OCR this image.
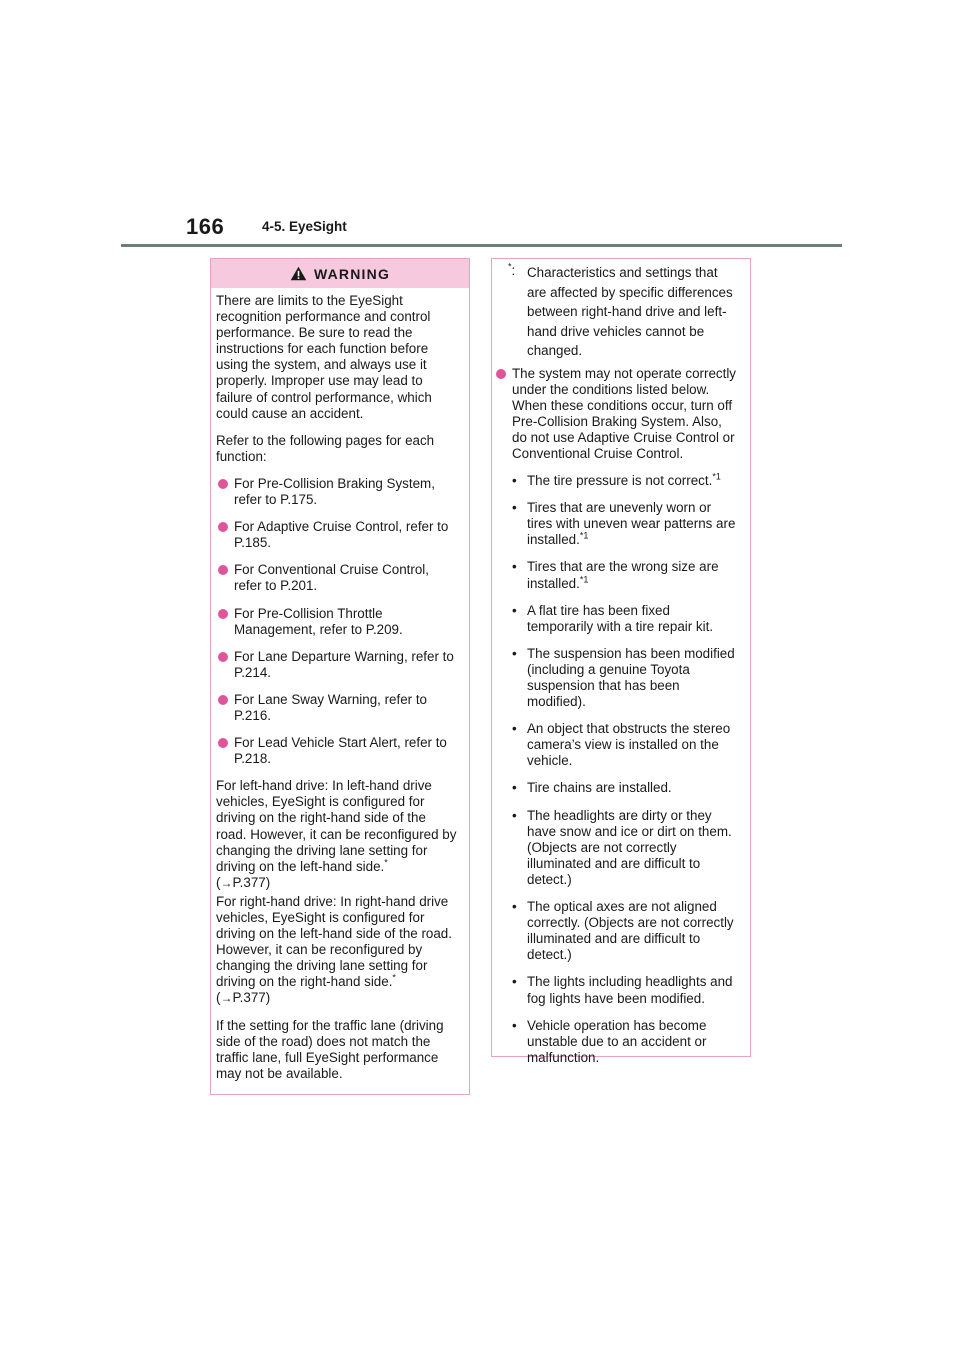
166	4-5. EyeSight
WARNING

There are limits to the EyeSight recognition performance and control performance. Be sure to read the instructions for each function before using the system, and always use it properly. Improper use may lead to failure of control performance, which could cause an accident.

Refer to the following pages for each function:

For Pre-Collision Braking System, refer to P.175.
For Adaptive Cruise Control, refer to P.185.
For Conventional Cruise Control, refer to P.201.
For Pre-Collision Throttle Management, refer to P.209.
For Lane Departure Warning, refer to P.214.
For Lane Sway Warning, refer to P.216.
For Lead Vehicle Start Alert, refer to P.218.

For left-hand drive: In left-hand drive vehicles, EyeSight is configured for driving on the right-hand side of the road. However, it can be reconfigured by changing the driving lane setting for driving on the left-hand side.*
(→P.377)

For right-hand drive: In right-hand drive vehicles, EyeSight is configured for driving on the left-hand side of the road. However, it can be reconfigured by changing the driving lane setting for driving on the right-hand side.*
(→P.377)

If the setting for the traffic lane (driving side of the road) does not match the traffic lane, full EyeSight performance may not be available.

*: Characteristics and settings that are affected by specific differences between right-hand drive and left-hand drive vehicles cannot be changed.
The system may not operate correctly under the conditions listed below. When these conditions occur, turn off Pre-Collision Braking System. Also, do not use Adaptive Cruise Control or Conventional Cruise Control.
• The tire pressure is not correct.$^{*1}$
• Tires that are unevenly worn or tires with uneven wear patterns are installed.$^{*1}$
• Tires that are the wrong size are installed.$^{*1}$
• A flat tire has been fixed temporarily with a tire repair kit.
• The suspension has been modified (including a genuine Toyota suspension that has been modified).
• An object that obstructs the stereo camera’s view is installed on the vehicle.
• Tire chains are installed.
• The headlights are dirty or they have snow and ice or dirt on them. (Objects are not correctly illuminated and are difficult to detect.)
• The optical axes are not aligned correctly. (Objects are not correctly illuminated and are difficult to detect.)
• The lights including headlights and fog lights have been modified.
• Vehicle operation has become unstable due to an accident or malfunction.
